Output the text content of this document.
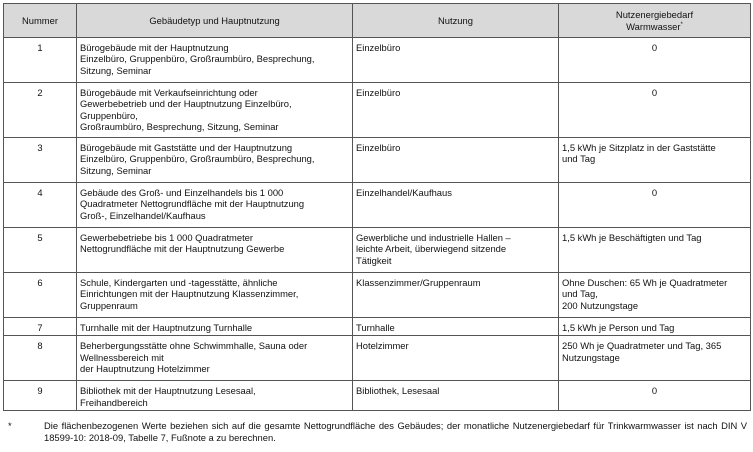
Nummer	Gebäudetyp und Hauptnutzung	Nutzung	Nutzenergiebedarf
Warmwasser*

1	Bürogebäude mit der Hauptnutzung
Einzelbüro, Gruppenbüro, Großraumbüro, Besprechung,
Sitzung, Seminar	Einzelbüro	0

2	Bürogebäude mit Verkaufseinrichtung oder
Gewerbebetrieb und der Hauptnutzung Einzelbüro,
Gruppenbüro,
Großraumbüro, Besprechung, Sitzung, Seminar	Einzelbüro	0

3	Bürogebäude mit Gaststätte und der Hauptnutzung
Einzelbüro, Gruppenbüro, Großraumbüro, Besprechung,
Sitzung, Seminar	Einzelbüro	1,5 kWh je Sitzplatz in der Gaststätte
und Tag

4	Gebäude des Groß- und Einzelhandels bis 1 000
Quadratmeter Nettogrundfläche mit der Hauptnutzung
Groß-, Einzelhandel/Kaufhaus	Einzelhandel/Kaufhaus	0

5	Gewerbebetriebe bis 1 000 Quadratmeter
Nettogrundfläche mit der Hauptnutzung Gewerbe	Gewerbliche und industrielle Hallen –
leichte Arbeit, überwiegend sitzende
Tätigkeit	1,5 kWh je Beschäftigten und Tag

6	Schule, Kindergarten und -tagesstätte, ähnliche
Einrichtungen mit der Hauptnutzung Klassenzimmer,
Gruppenraum	Klassenzimmer/Gruppenraum	Ohne Duschen: 65 Wh je Quadratmeter
und Tag,
200 Nutzungstage

7	Turnhalle mit der Hauptnutzung Turnhalle	Turnhalle	1,5 kWh je Person und Tag

8	Beherbergungsstätte ohne Schwimmhalle, Sauna oder
Wellnessbereich mit
der Hauptnutzung Hotelzimmer	Hotelzimmer	250 Wh je Quadratmeter und Tag, 365
Nutzungstage

9	Bibliothek mit der Hauptnutzung Lesesaal,
Freihandbereich	Bibliothek, Lesesaal	0
*	Die flächenbezogenen Werte beziehen sich auf die gesamte Nettogrundfläche des Gebäudes; der monatliche Nutzenergiebedarf für Trinkwarmwasser ist nach DIN V 18599-10: 2018-09, Tabelle 7, Fußnote a zu berechnen.
